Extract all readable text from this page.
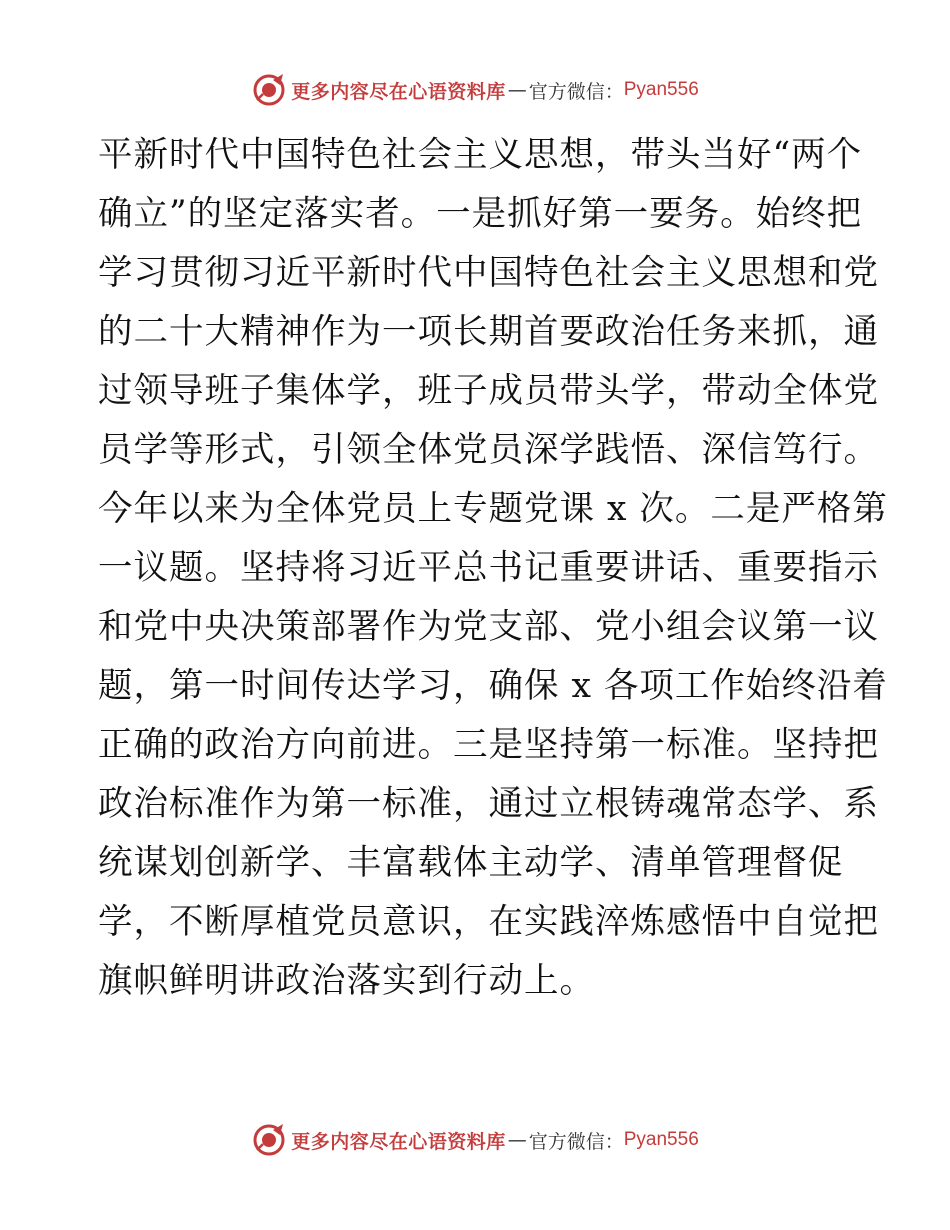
更多内容尽在心语资料库 — 官方微信： Pyan556
平新时代中国特色社会主义思想，带头当好“两个
确立”的坚定落实者。一是抓好第一要务。始终把
学习贯彻习近平新时代中国特色社会主义思想和党
的二十大精神作为一项长期首要政治任务来抓，通
过领导班子集体学，班子成员带头学，带动全体党
员学等形式，引领全体党员深学践悟、深信笃行。
今年以来为全体党员上专题党课 x 次。二是严格第
一议题。坚持将习近平总书记重要讲话、重要指示
和党中央决策部署作为党支部、党小组会议第一议
题，第一时间传达学习，确保 x 各项工作始终沿着
正确的政治方向前进。三是坚持第一标准。坚持把
政治标准作为第一标准，通过立根铸魂常态学、系
统谋划创新学、丰富载体主动学、清单管理督促
学，不断厚植党员意识，在实践淬炼感悟中自觉把
旗帜鲜明讲政治落实到行动上。
更多内容尽在心语资料库 — 官方微信： Pyan556
